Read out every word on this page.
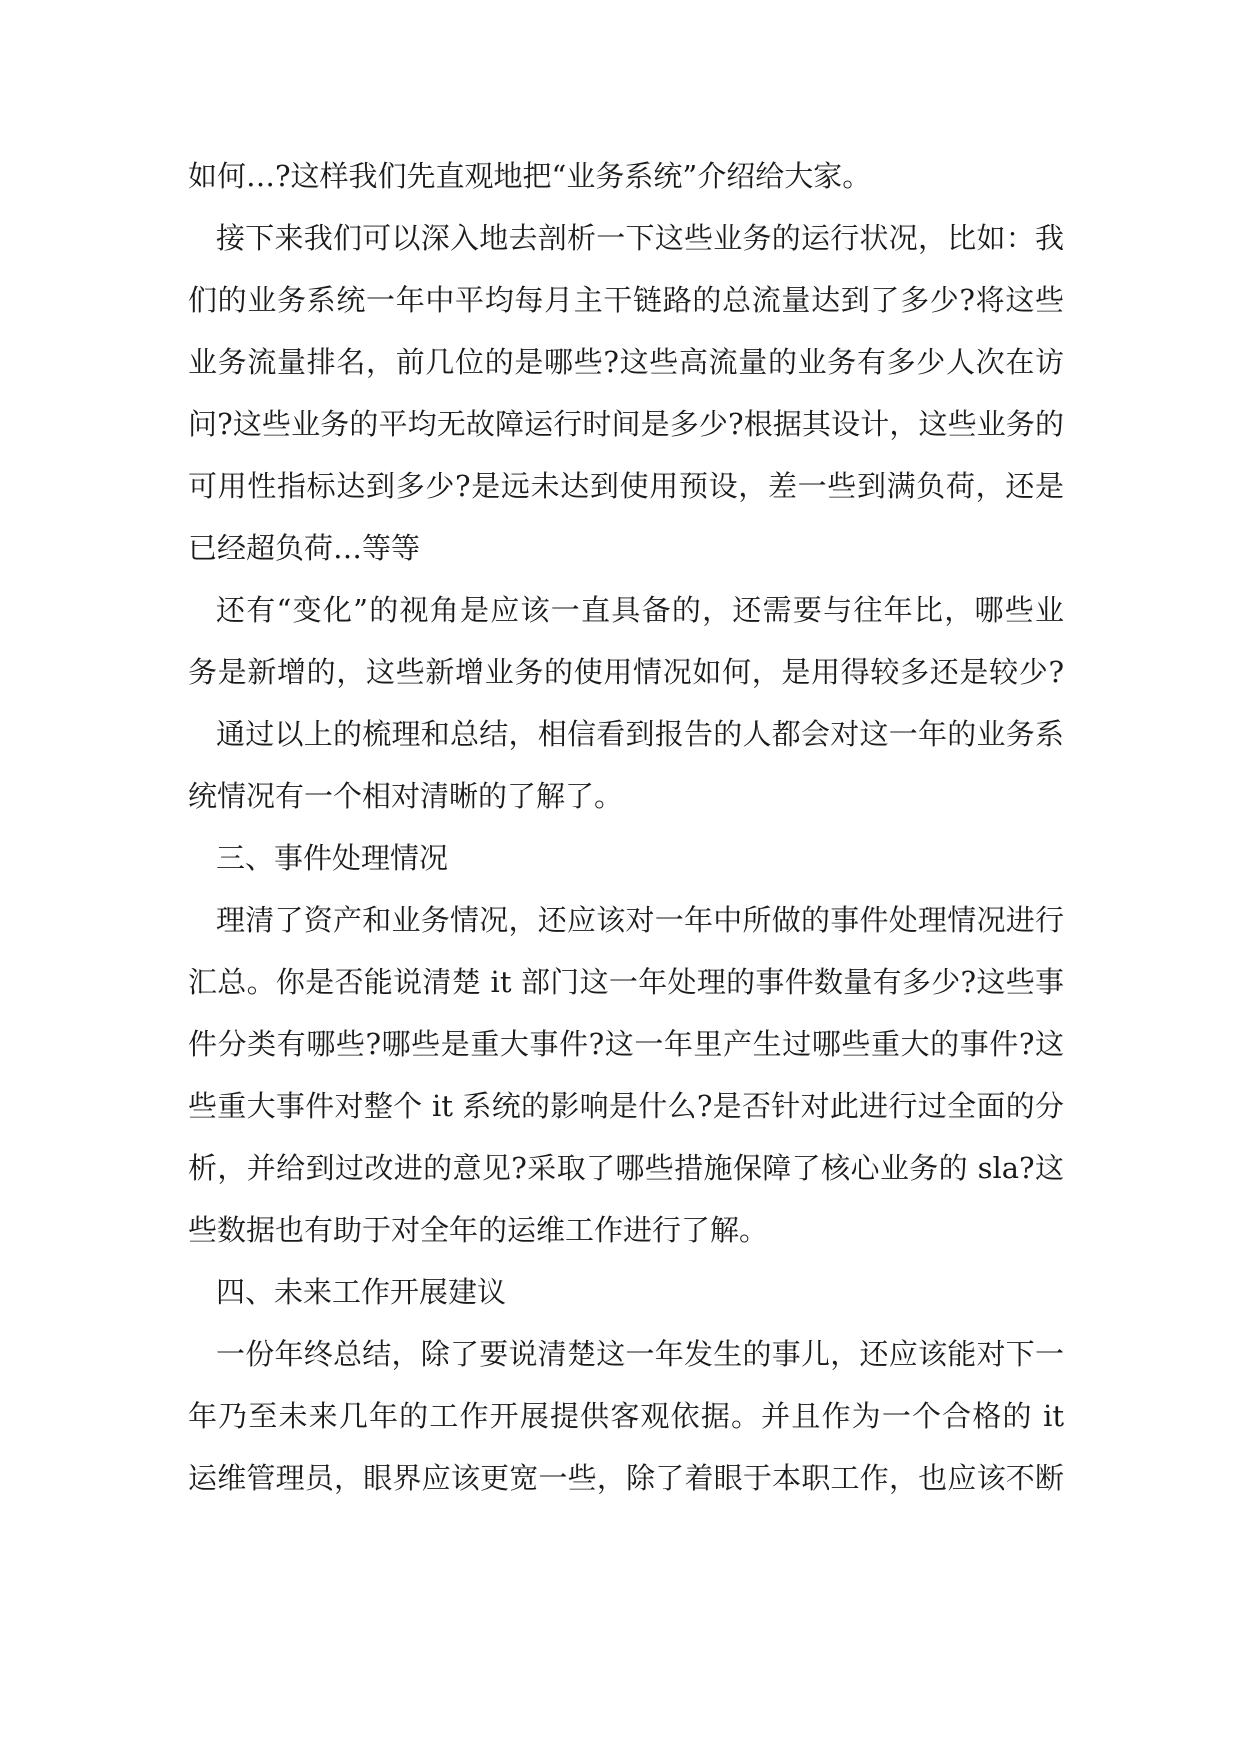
如何…?这样我们先直观地把“业务系统”介绍给大家。
接下来我们可以深入地去剖析一下这些业务的运行状况，比如：我
们的业务系统一年中平均每月主干链路的总流量达到了多少?将这些
业务流量排名，前几位的是哪些?这些高流量的业务有多少人次在访
问?这些业务的平均无故障运行时间是多少?根据其设计，这些业务的
可用性指标达到多少?是远未达到使用预设，差一些到满负荷，还是
已经超负荷…等等
还有“变化”的视角是应该一直具备的，还需要与往年比，哪些业
务是新增的，这些新增业务的使用情况如何，是用得较多还是较少?
通过以上的梳理和总结，相信看到报告的人都会对这一年的业务系
统情况有一个相对清晰的了解了。
三、事件处理情况
理清了资产和业务情况，还应该对一年中所做的事件处理情况进行
汇总。你是否能说清楚 it 部门这一年处理的事件数量有多少?这些事
件分类有哪些?哪些是重大事件?这一年里产生过哪些重大的事件?这
些重大事件对整个 it 系统的影响是什么?是否针对此进行过全面的分
析，并给到过改进的意见?采取了哪些措施保障了核心业务的 sla?这
些数据也有助于对全年的运维工作进行了解。
四、未来工作开展建议
一份年终总结，除了要说清楚这一年发生的事儿，还应该能对下一
年乃至未来几年的工作开展提供客观依据。并且作为一个合格的 it
运维管理员，眼界应该更宽一些，除了着眼于本职工作，也应该不断
